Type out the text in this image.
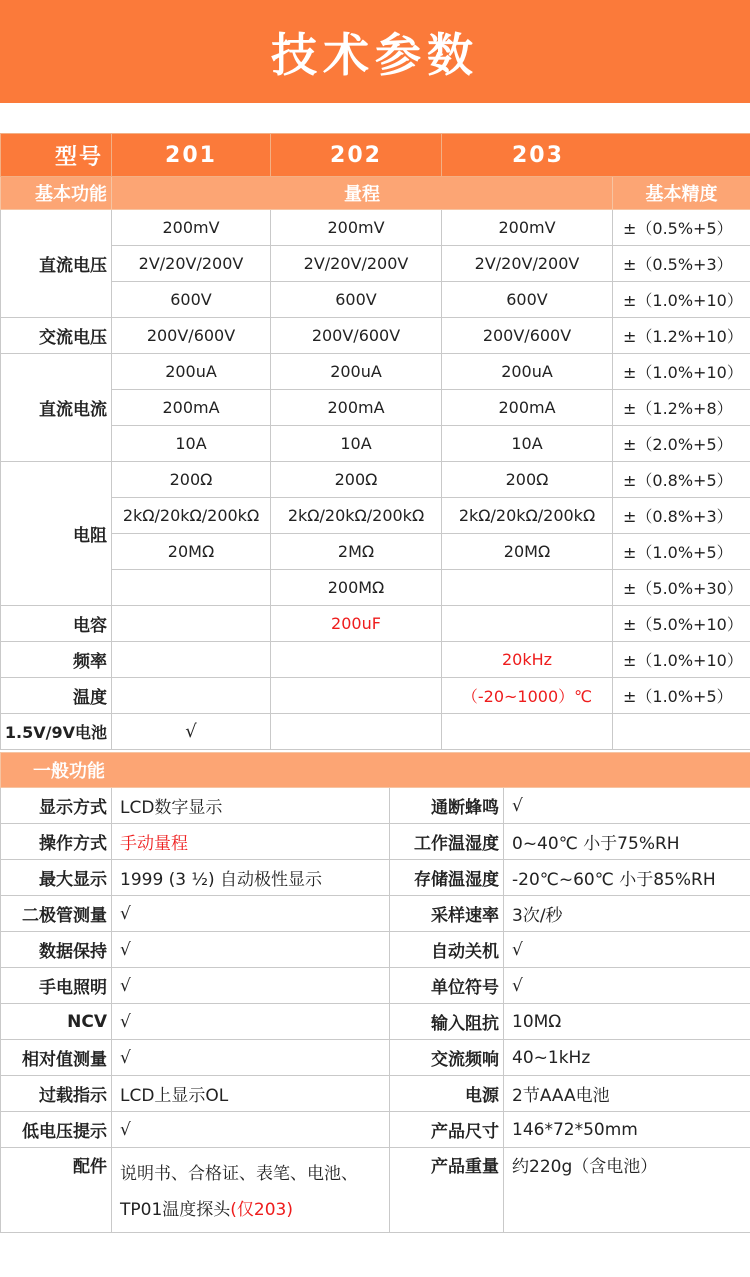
技术参数
型号	201	202	203	
基本功能	量程			基本精度
直流电压	200mV	200mV	200mV	±（0.5%+5）
	2V/20V/200V	2V/20V/200V	2V/20V/200V	±（0.5%+3）
	600V	600V	600V	±（1.0%+10）
交流电压	200V/600V	200V/600V	200V/600V	±（1.2%+10）
直流电流	200uA	200uA	200uA	±（1.0%+10）
	200mA	200mA	200mA	±（1.2%+8）
	10A	10A	10A	±（2.0%+5）
电阻	200Ω	200Ω	200Ω	±（0.8%+5）
	2kΩ/20kΩ/200kΩ	2kΩ/20kΩ/200kΩ	2kΩ/20kΩ/200kΩ	±（0.8%+3）
	20MΩ	2MΩ	20MΩ	±（1.0%+5）
		200MΩ		±（5.0%+30）
电容		200uF		±（5.0%+10）
频率			20kHz	±（1.0%+10）
温度			（-20~1000）℃	±（1.0%+5）
1.5V/9V电池	√			
一般功能			
显示方式	LCD数字显示	通断蜂鸣	√
操作方式	手动量程	工作温湿度	0~40℃ 小于75%RH
最大显示	1999 (3 ½) 自动极性显示	存储温湿度	-20℃~60℃ 小于85%RH
二极管测量	√	采样速率	3次/秒
数据保持	√	自动关机	√
手电照明	√	单位符号	√
NCV	√	输入阻抗	10MΩ
相对值测量	√	交流频响	40~1kHz
过载指示	LCD上显示OL	电源	2节AAA电池
低电压提示	√	产品尺寸	146*72*50mm
配件	说明书、合格证、表笔、电池、TP01温度探头(仅203)	产品重量	约220g（含电池）
